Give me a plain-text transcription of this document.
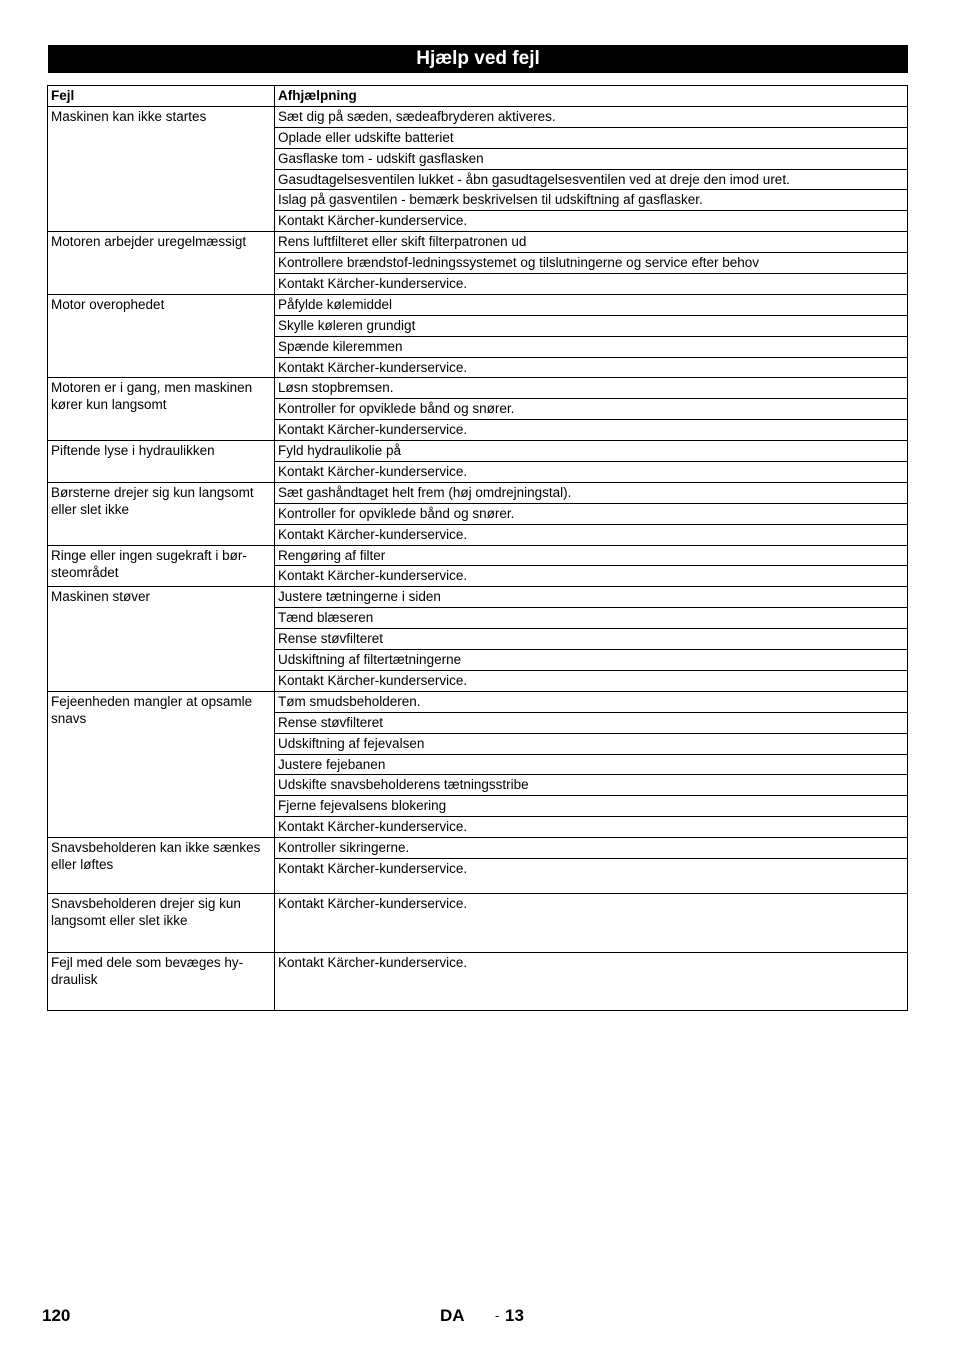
Hjælp ved fejl
Fejl	Afhjælpning
Maskinen kan ikke startes	Sæt dig på sæden, sædeafbryderen aktiveres.
	Oplade eller udskifte batteriet
	Gasflaske tom - udskift gasflasken
	Gasudtagelsesventilen lukket - åbn gasudtagelsesventilen ved at dreje den imod uret.
	Islag på gasventilen - bemærk beskrivelsen til udskiftning af gasflasker.
	Kontakt Kärcher-kunderservice.
Motoren arbejder uregelmæssigt	Rens luftfilteret eller skift filterpatronen ud
	Kontrollere brændstof-ledningssystemet og tilslutningerne og service efter behov
	Kontakt Kärcher-kunderservice.
Motor overophedet	Påfylde kølemiddel
	Skylle køleren grundigt
	Spænde kileremmen
	Kontakt Kärcher-kunderservice.
Motoren er i gang, men maskinen kører kun langsomt	Løsn stopbremsen.
	Kontroller for opviklede bånd og snører.
	Kontakt Kärcher-kunderservice.
Piftende lyse i hydraulikken	Fyld hydraulikolie på
	Kontakt Kärcher-kunderservice.
Børsterne drejer sig kun langsomt eller slet ikke	Sæt gashåndtaget helt frem (høj omdrejningstal).
	Kontroller for opviklede bånd og snører.
	Kontakt Kärcher-kunderservice.
Ringe eller ingen sugekraft i bør-steområdet	Rengøring af filter
	Kontakt Kärcher-kunderservice.
Maskinen støver	Justere tætningerne i siden
	Tænd blæseren
	Rense støvfilteret
	Udskiftning af filtertætningerne
	Kontakt Kärcher-kunderservice.
Fejeenheden mangler at opsamle snavs	Tøm smudsbeholderen.
	Rense støvfilteret
	Udskiftning af fejevalsen
	Justere fejebanen
	Udskifte snavsbeholderens tætningsstribe
	Fjerne fejevalsens blokering
	Kontakt Kärcher-kunderservice.
Snavsbeholderen kan ikke sænkes eller løftes	Kontroller sikringerne.
	Kontakt Kärcher-kunderservice.
Snavsbeholderen drejer sig kun langsomt eller slet ikke	Kontakt Kärcher-kunderservice.
Fejl med dele som bevæges hy-draulisk	Kontakt Kärcher-kunderservice.
120	DA - 13
